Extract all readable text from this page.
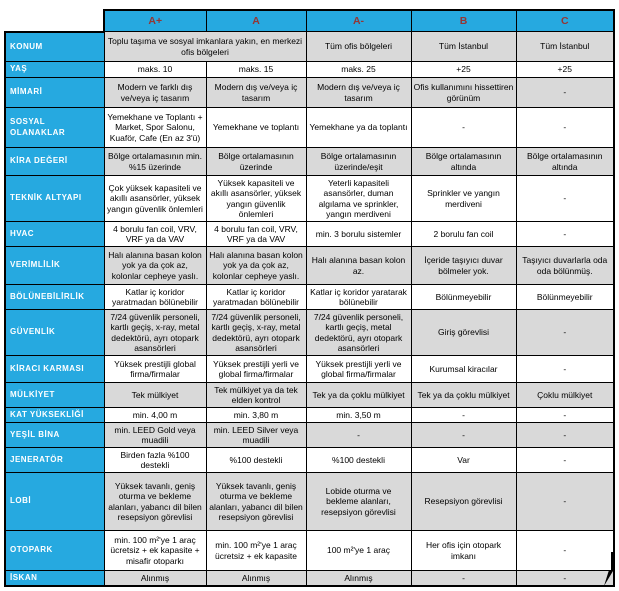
	A+	A	A-	B	C
KONUM	Toplu taşıma ve sosyal imkanlara yakın, en merkezi ofis bölgeleri		Tüm ofis bölgeleri	Tüm İstanbul	Tüm İstanbul
YAŞ	maks. 10	maks. 15	maks. 25	+25	+25
MİMARİ	Modern ve farklı dış ve/veya iç tasarım	Modern dış ve/veya iç tasarım	Modern dış ve/veya iç tasarım	Ofis kullanımını hissettiren görünüm	-
SOSYAL OLANAKLAR	Yemekhane ve Toplantı + Market, Spor Salonu, Kuaför, Cafe (En az 3'ü)	Yemekhane ve toplantı	Yemekhane ya da toplantı	-	-
KİRA DEĞERİ	Bölge ortalamasının min. %15 üzerinde	Bölge ortalamasının üzerinde	Bölge ortalamasının üzerinde/eşit	Bölge ortalamasının altında	Bölge ortalamasının altında
TEKNİK ALTYAPI	Çok yüksek kapasiteli ve akıllı asansörler, yüksek yangın güvenlik önlemleri	Yüksek kapasiteli ve akıllı asansörler, yüksek yangın güvenlik önlemleri	Yeterli kapasiteli asansörler, duman algılama ve sprinkler, yangın merdiveni	Sprinkler ve yangın merdiveni	-
HVAC	4 borulu fan coil, VRV, VRF ya da VAV	4 borulu fan coil, VRV, VRF ya da VAV	min. 3 borulu sistemler	2 borulu fan coil	-
VERİMLİLİK	Halı alanına basan kolon yok ya da çok az, kolonlar cepheye yaslı.	Halı alanına basan kolon yok ya da çok az, kolonlar cepheye yaslı.	Halı alanına basan kolon az.	İçeride taşıyıcı duvar bölmeler yok.	Taşıyıcı duvarlarla oda oda bölünmüş.
BÖLÜNEBİLİRLİK	Katlar iç koridor yaratmadan bölünebilir	Katlar iç koridor yaratmadan bölünebilir	Katlar iç koridor yaratarak bölünebilir	Bölünmeyebilir	Bölünmeyebilir
GÜVENLİK	7/24 güvenlik personeli, kartlı geçiş, x-ray, metal dedektörü, ayrı otopark asansörleri	7/24 güvenlik personeli, kartlı geçiş, x-ray, metal dedektörü, ayrı otopark asansörleri	7/24 güvenlik personeli, kartlı geçiş, metal dedektörü, ayrı otopark asansörleri	Giriş görevlisi	-
KİRACI KARMASI	Yüksek prestijli global firma/firmalar	Yüksek prestijli yerli ve global firma/firmalar	Yüksek prestijli yerli ve global firma/firmalar	Kurumsal kiracılar	-
MÜLKİYET	Tek mülkiyet	Tek mülkiyet ya da tek elden kontrol	Tek ya da çoklu mülkiyet	Tek ya da çoklu mülkiyet	Çoklu mülkiyet
KAT YÜKSEKLİĞİ	min. 4,00 m	min. 3,80 m	min. 3,50 m	-	-
YEŞİL BİNA	min. LEED Gold veya muadili	min. LEED Silver veya muadili	-	-	-
JENERATÖR	Birden fazla %100 destekli	%100 destekli	%100 destekli	Var	-
LOBİ	Yüksek tavanlı, geniş oturma ve bekleme alanları, yabancı dil bilen resepsiyon görevlisi	Yüksek tavanlı, geniş oturma ve bekleme alanları, yabancı dil bilen resepsiyon görevlisi	Lobide oturma ve bekleme alanları, resepsiyon görevlisi	Resepsiyon görevlisi	-
OTOPARK	min. 100 m²'ye 1 araç ücretsiz + ek kapasite + misafir otoparkı	min. 100 m²'ye 1 araç ücretsiz + ek kapasite	100 m²'ye 1 araç	Her ofis için otopark imkanı	-
İSKAN	Alınmış	Alınmış	Alınmış	-	-
